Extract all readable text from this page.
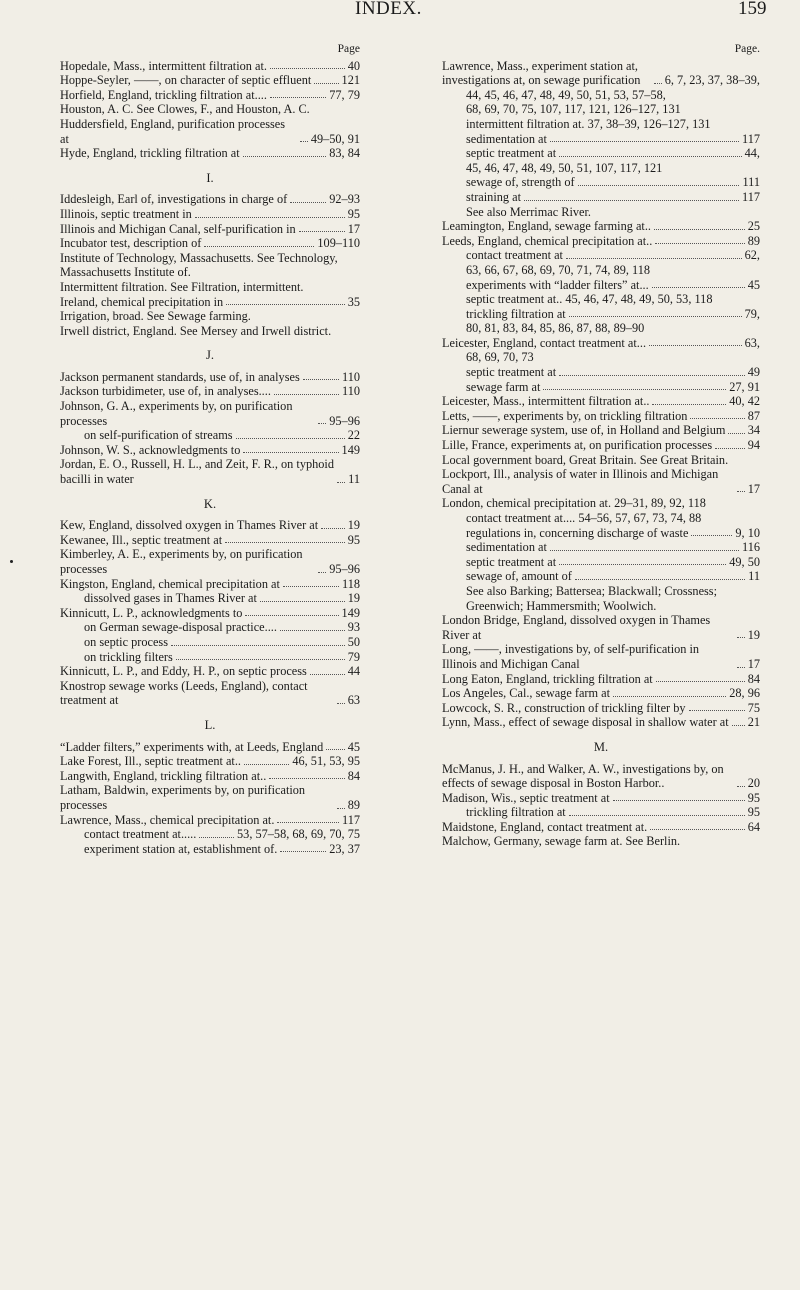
INDEX.	159
Page
Hopedale, Mass., intermittent filtration at.	40
Hoppe-Seyler, ——, on character of septic effluent 121
Horfield, England, trickling filtration at....	77, 79
Houston, A. C. See Clowes, F., and Houston, A. C.
Huddersfield, England, purification processes at	49–50, 91
Hyde, England, trickling filtration at	83, 84
I.
Iddesleigh, Earl of, investigations in charge of	92–93
Illinois, septic treatment in	95
Illinois and Michigan Canal, self-purification in	17
Incubator test, description of	109–110
Institute of Technology, Massachusetts. See Technology, Massachusetts Institute of.
Intermittent filtration. See Filtration, intermittent.
Ireland, chemical precipitation in	35
Irrigation, broad. See Sewage farming.
Irwell district, England. See Mersey and Irwell district.
J.
Jackson permanent standards, use of, in analyses	110
Jackson turbidimeter, use of, in analyses....	110
Johnson, G. A., experiments by, on purification processes	95–96
on self-purification of streams	22
Johnson, W. S., acknowledgments to	149
Jordan, E. O., Russell, H. L., and Zeit, F. R., on typhoid bacilli in water	11
K.
Kew, England, dissolved oxygen in Thames River at 19
Kewanee, Ill., septic treatment at	95
Kimberley, A. E., experiments by, on purification processes	95–96
Kingston, England, chemical precipitation at	118
dissolved gases in Thames River at	19
Kinnicutt, L. P., acknowledgments to	149
on German sewage-disposal practice....	93
on septic process	50
on trickling filters	79
Kinnicutt, L. P., and Eddy, H. P., on septic process	44
Knostrop sewage works (Leeds, England), contact treatment at	63
L.
“Ladder filters,” experiments with, at Leeds, England 45
Lake Forest, Ill., septic treatment at..	46, 51, 53, 95
Langwith, England, trickling filtration at..	84
Latham, Baldwin, experiments by, on purification processes	89
Lawrence, Mass., chemical precipitation at.	117
contact treatment at.....	53, 57–58, 68, 69, 70, 75
experiment station at, establishment of.	23, 37
Page.
Lawrence, Mass., experiment station at, investigations at, on sewage purification	6, 7, 23, 37, 38–39,
44, 45, 46, 47, 48, 49, 50, 51, 53, 57–58,
68, 69, 70, 75, 107, 117, 121, 126–127, 131
intermittent filtration at. 37, 38–39, 126–127, 131
sedimentation at	117
septic treatment at	44,
45, 46, 47, 48, 49, 50, 51, 107, 117, 121
sewage of, strength of	111
straining at	117
See also Merrimac River.
Leamington, England, sewage farming at..	25
Leeds, England, chemical precipitation at..	89
contact treatment at	62,
63, 66, 67, 68, 69, 70, 71, 74, 89, 118
experiments with “ladder filters” at...	45
septic treatment at.. 45, 46, 47, 48, 49, 50, 53, 118
trickling filtration at	79,
80, 81, 83, 84, 85, 86, 87, 88, 89–90
Leicester, England, contact treatment at...	63,
68, 69, 70, 73
septic treatment at	49
sewage farm at	27, 91
Leicester, Mass., intermittent filtration at..	40, 42
Letts, ——, experiments by, on trickling filtration	87
Liernur sewerage system, use of, in Holland and Belgium 34
Lille, France, experiments at, on purification processes	94
Local government board, Great Britain. See Great Britain.
Lockport, Ill., analysis of water in Illinois and Michigan Canal at	17
London, chemical precipitation at. 29–31, 89, 92, 118
contact treatment at.... 54–56, 57, 67, 73, 74, 88
regulations in, concerning discharge of waste	9, 10
sedimentation at	116
septic treatment at	49, 50
sewage of, amount of	11
See also Barking; Battersea; Blackwall; Crossness; Greenwich; Hammersmith; Woolwich.
London Bridge, England, dissolved oxygen in Thames River at	19
Long, ——, investigations by, of self-purification in Illinois and Michigan Canal	17
Long Eaton, England, trickling filtration at	84
Los Angeles, Cal., sewage farm at	28, 96
Lowcock, S. R., construction of trickling filter by	75
Lynn, Mass., effect of sewage disposal in shallow water at 21
M.
McManus, J. H., and Walker, A. W., investigations by, on effects of sewage disposal in Boston Harbor..	20
Madison, Wis., septic treatment at	95
trickling filtration at	95
Maidstone, England, contact treatment at.	64
Malchow, Germany, sewage farm at. See Berlin.
